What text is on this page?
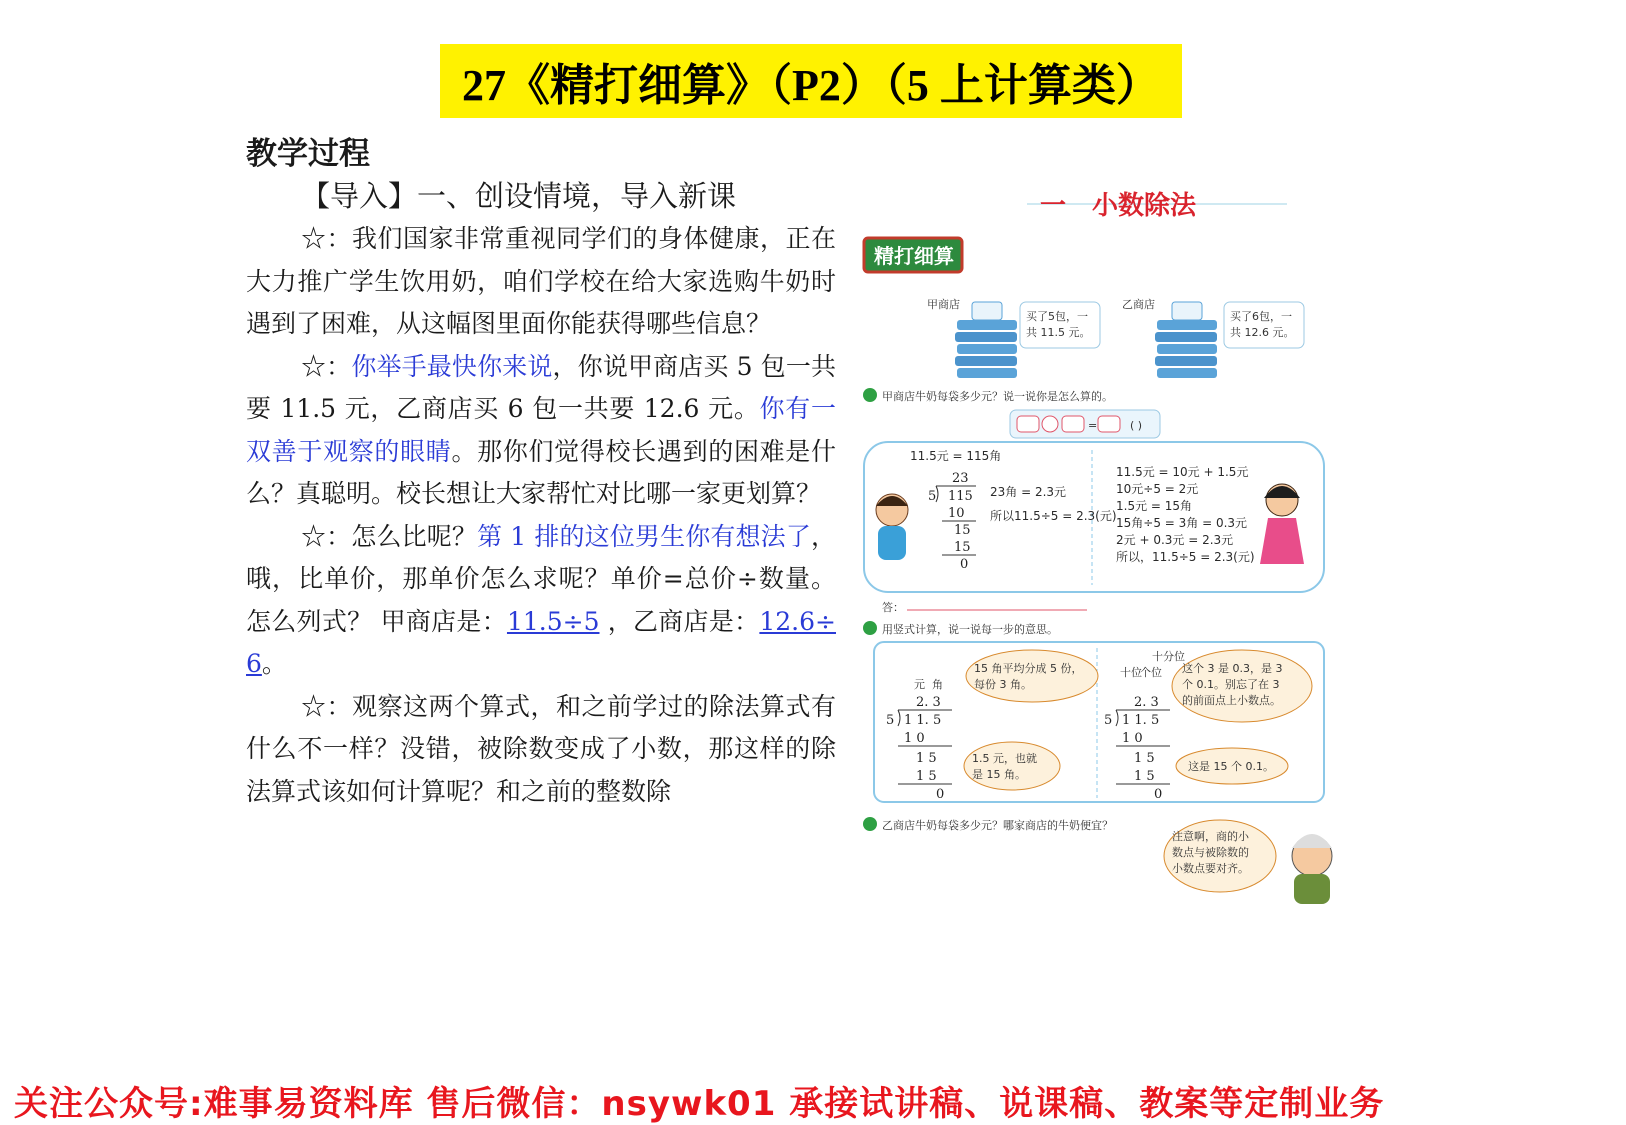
27《精打细算》（P2）（5 上计算类）
教学过程
【导入】一、创设情境，导入新课

☆：我们国家非常重视同学们的身体健康，正在大力推广学生饮用奶，咱们学校在给大家选购牛奶时遇到了困难，从这幅图里面你能获得哪些信息？

☆：你举手最快你来说，你说甲商店买 5 包一共要 11.5 元，乙商店买 6 包一共要 12.6 元。你有一双善于观察的眼睛。那你们觉得校长遇到的困难是什么？真聪明。校长想让大家帮忙对比哪一家更划算？

☆：怎么比呢？第 1 排的这位男生你有想法了，哦，比单价，那单价怎么求呢？单价=总价÷数量。怎么列式？ 甲商店是：11.5÷5 ，乙商店是：12.6÷6。

☆：观察这两个算式，和之前学过的除法算式有什么不一样？没错，被除数变成了小数，那这样的除法算式该如何计算呢？和之前的整数除

一　小数除法
精打细算
甲商店
买了5包，一
共 11.5 元。
乙商店
买了6包，一
共 12.6 元。
甲商店牛奶每袋多少元？说一说你是怎么算的。
=	( )
11.5元 = 115角
23
5 115
10
15
15
0
23角 = 2.3元
所以11.5÷5 = 2.3(元)
11.5元 = 10元 + 1.5元
10元÷5 = 2元
1.5元 = 15角
15角÷5 = 3角 = 0.3元
2元 + 0.3元 = 2.3元
所以，11.5÷5 = 2.3(元)
答：
用竖式计算，说一说每一步的意思。
元 角
2. 3
5 1 1. 5
1 0
1 5
1 5
0
15 角平均分成 5 份，
每份 3 角。
1.5 元，也就
是 15 角。
十位
个位
十分位
2. 3
5 1 1. 5
1 0
1 5
1 5
0
这个 3 是 0.3，是 3
个 0.1。别忘了在 3
的前面点上小数点。
这是 15 个 0.1。
乙商店牛奶每袋多少元？哪家商店的牛奶便宜？
注意啊，商的小
数点与被除数的
小数点要对齐。
关注公众号:难事易资料库 售后微信：nsywk01 承接试讲稿、说课稿、教案等定制业务
